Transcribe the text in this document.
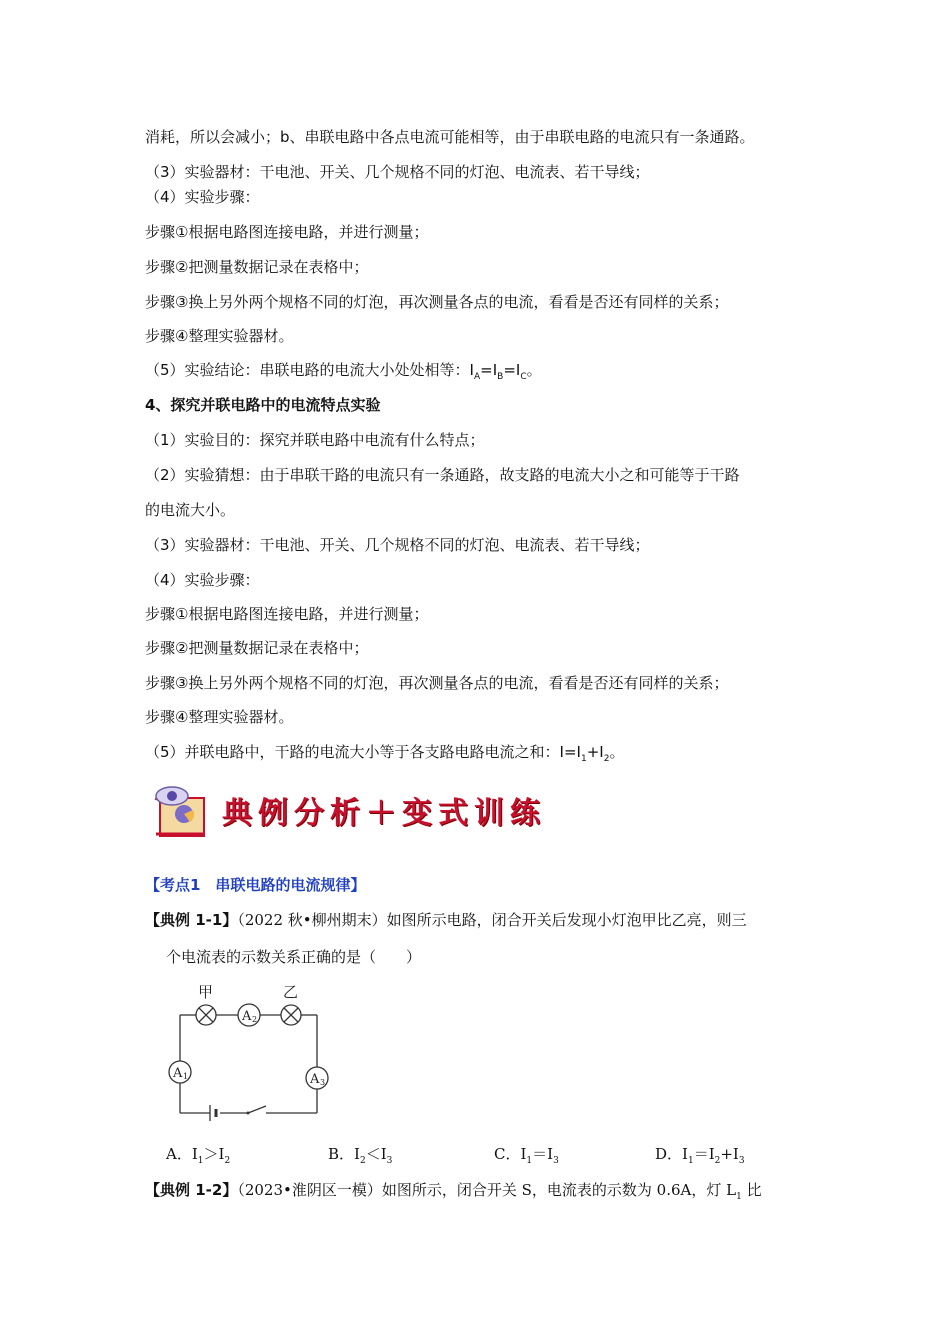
消耗，所以会减小；b、串联电路中各点电流可能相等，由于串联电路的电流只有一条通路。
（3）实验器材：干电池、开关、几个规格不同的灯泡、电流表、若干导线；
（4）实验步骤：
步骤①根据电路图连接电路，并进行测量；
步骤②把测量数据记录在表格中；
步骤③换上另外两个规格不同的灯泡，再次测量各点的电流，看看是否还有同样的关系；
步骤④整理实验器材。
（5）实验结论：串联电路的电流大小处处相等：$I_A=I_B=I_C$。
4、探究并联电路中的电流特点实验
（1）实验目的：探究并联电路中电流有什么特点；
（2）实验猜想：由于串联干路的电流只有一条通路，故支路的电流大小之和可能等于干路
的电流大小。
（3）实验器材：干电池、开关、几个规格不同的灯泡、电流表、若干导线；
（4）实验步骤：
步骤①根据电路图连接电路，并进行测量；
步骤②把测量数据记录在表格中；
步骤③换上另外两个规格不同的灯泡，再次测量各点的电流，看看是否还有同样的关系；
步骤④整理实验器材。
（5）并联电路中，干路的电流大小等于各支路电路电流之和：$I=I_1+I_2$。
典例分析＋变式训练
【考点1　串联电路的电流规律】
【典例 1-1】（2022 秋•柳州期末）如图所示电路，闭合开关后发现小灯泡甲比乙亮，则三
个电流表的示数关系正确的是（　　）
A 2
A 1	A 3
甲	乙
A．$I_1>I_2$	B．$I_2<I_3$	C．$I_1=I_3$	D．$I_1=I_2+I_3$
【典例 1-2】（2023•淮阴区一模）如图所示，闭合开关 S，电流表的示数为 0.6A，灯 $L_1$ 比
